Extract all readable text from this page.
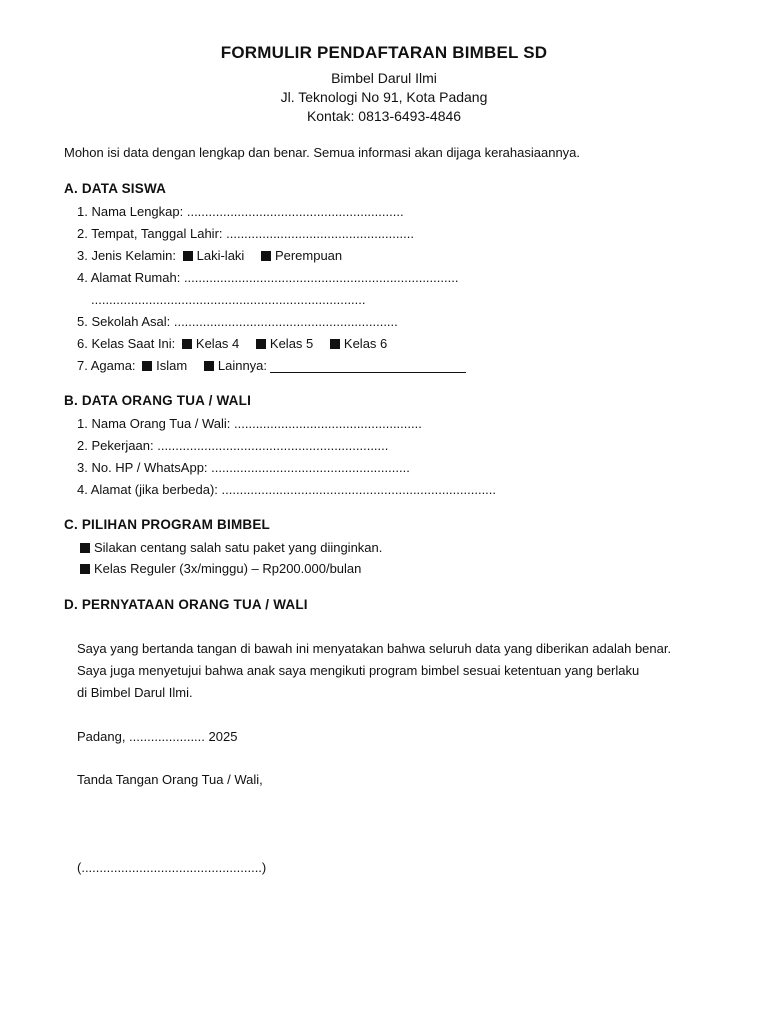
FORMULIR PENDAFTARAN BIMBEL SD
Bimbel Darul Ilmi
Jl. Teknologi No 91, Kota Padang
Kontak: 0813-6493-4846
Mohon isi data dengan lengkap dan benar. Semua informasi akan dijaga kerahasiaannya.
A. DATA SISWA
1. Nama Lengkap: ............................................................
2. Tempat, Tanggal Lahir: ....................................................
3. Jenis Kelamin: Laki-laki Perempuan
4. Alamat Rumah: ............................................................................
............................................................................
5. Sekolah Asal: ..............................................................
6. Kelas Saat Ini: Kelas 4 Kelas 5 Kelas 6
7. Agama: Islam Lainnya:
B. DATA ORANG TUA / WALI
1. Nama Orang Tua / Wali: ....................................................
2. Pekerjaan: ................................................................
3. No. HP / WhatsApp: .......................................................
4. Alamat (jika berbeda): ............................................................................
C. PILIHAN PROGRAM BIMBEL
Silakan centang salah satu paket yang diinginkan.
Kelas Reguler (3x/minggu) – Rp200.000/bulan
D. PERNYATAAN ORANG TUA / WALI
Saya yang bertanda tangan di bawah ini menyatakan bahwa seluruh data yang diberikan adalah benar.
Saya juga menyetujui bahwa anak saya mengikuti program bimbel sesuai ketentuan yang berlaku
di Bimbel Darul Ilmi.
Padang, ..................... 2025
Tanda Tangan Orang Tua / Wali,
(..................................................)
